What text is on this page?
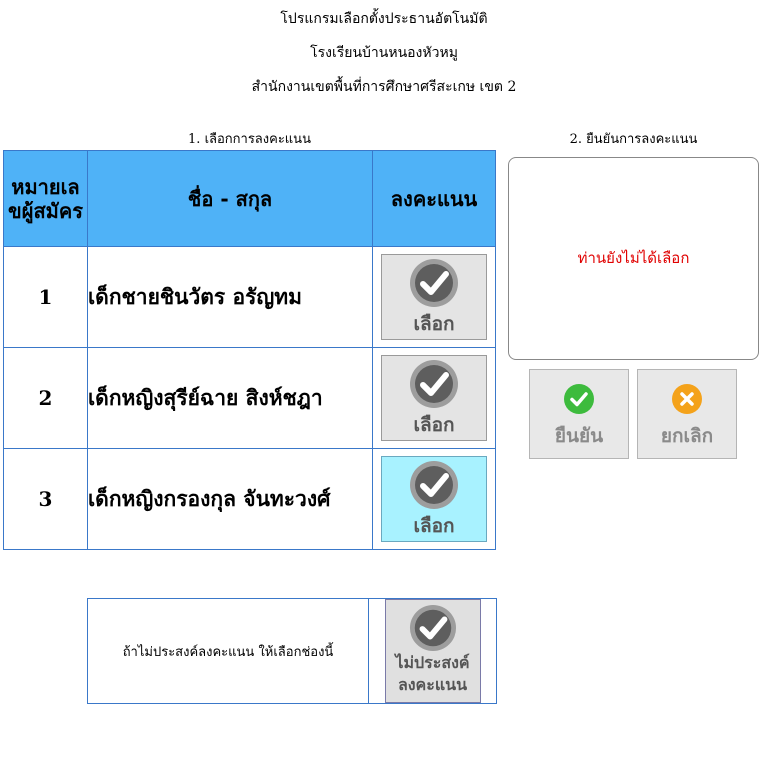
โปรแกรมเลือกตั้งประธานอัตโนมัติ
โรงเรียนบ้านหนองหัวหมู
สำนักงานเขตพื้นที่การศึกษาศรีสะเกษ เขต 2
1. เลือกการลงคะแนน	2. ยืนยันการลงคะแนน
หมายเลขผู้สมัคร	ชื่อ - สกุล	ลงคะแนน
1	เด็กชายชินวัตร อรัญทม	เลือก

2	เด็กหญิงสุรีย์ฉาย สิงห์ชฎา	เลือก

3	เด็กหญิงกรองกุล จันทะวงศ์	เลือก
ท่านยังไม่ได้เลือก
ยืนยัน	ยกเลิก
ถ้าไม่ประสงค์ลงคะแนน ให้เลือกช่องนี้	
ไม่ประสงค์
ลงคะแนน
